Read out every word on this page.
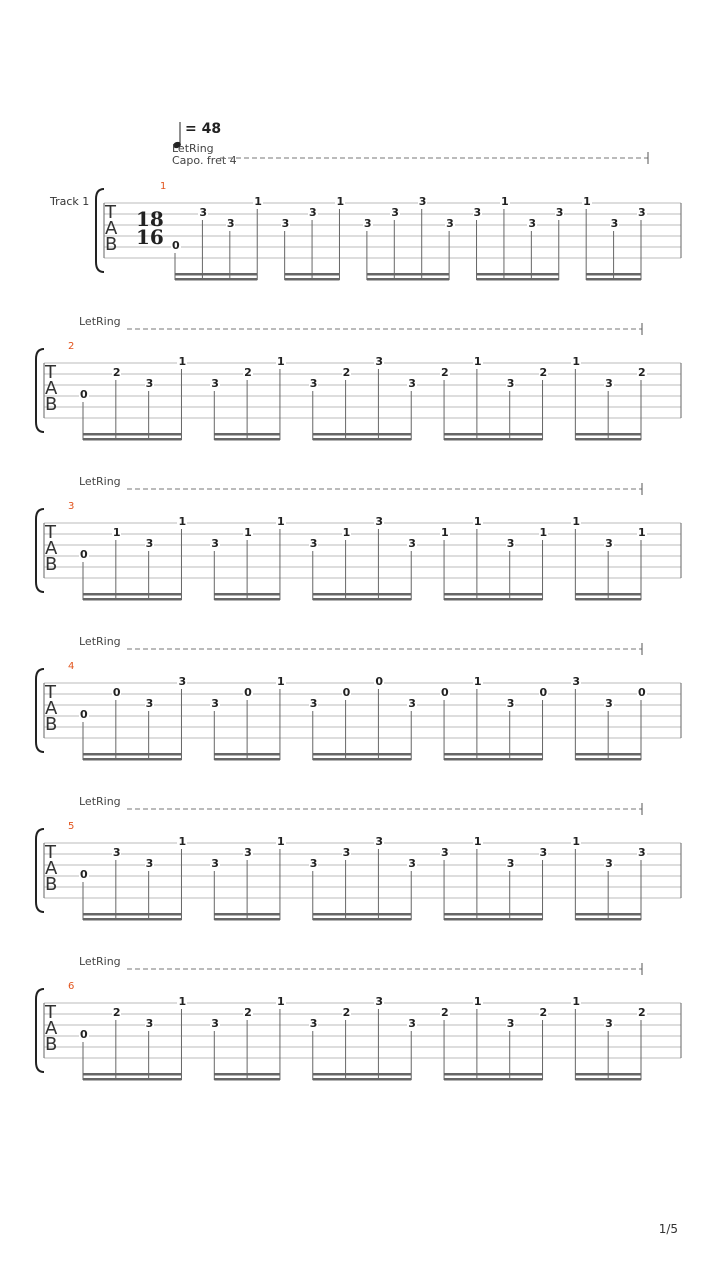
= 48
LetRing
Capo. fret 4
Track 1
1
T
A
B
18
16 0
3
3
1
3
3
1
3
3
3
3
3
1
3
3
1
3
3
2
LetRing
T
A
B 0
2
3
1
3
2
1
3
2
3
3
2
1
3
2
1
3
2
3
LetRing
T
A
B 0
1
3
1
3
1
1
3
1
3
3
1
1
3
1
1
3
1
4
LetRing
T
A
B 0
0
3
3
3
0
1
3
0
0
3
0
1
3
0
3
3
0
5
LetRing
T
A
B 0
3
3
1
3
3
1
3
3
3
3
3
1
3
3
1
3
3
6
LetRing
T
A
B 0
2
3
1
3
2
1
3
2
3
3
2
1
3
2
1
3
2
1/5
